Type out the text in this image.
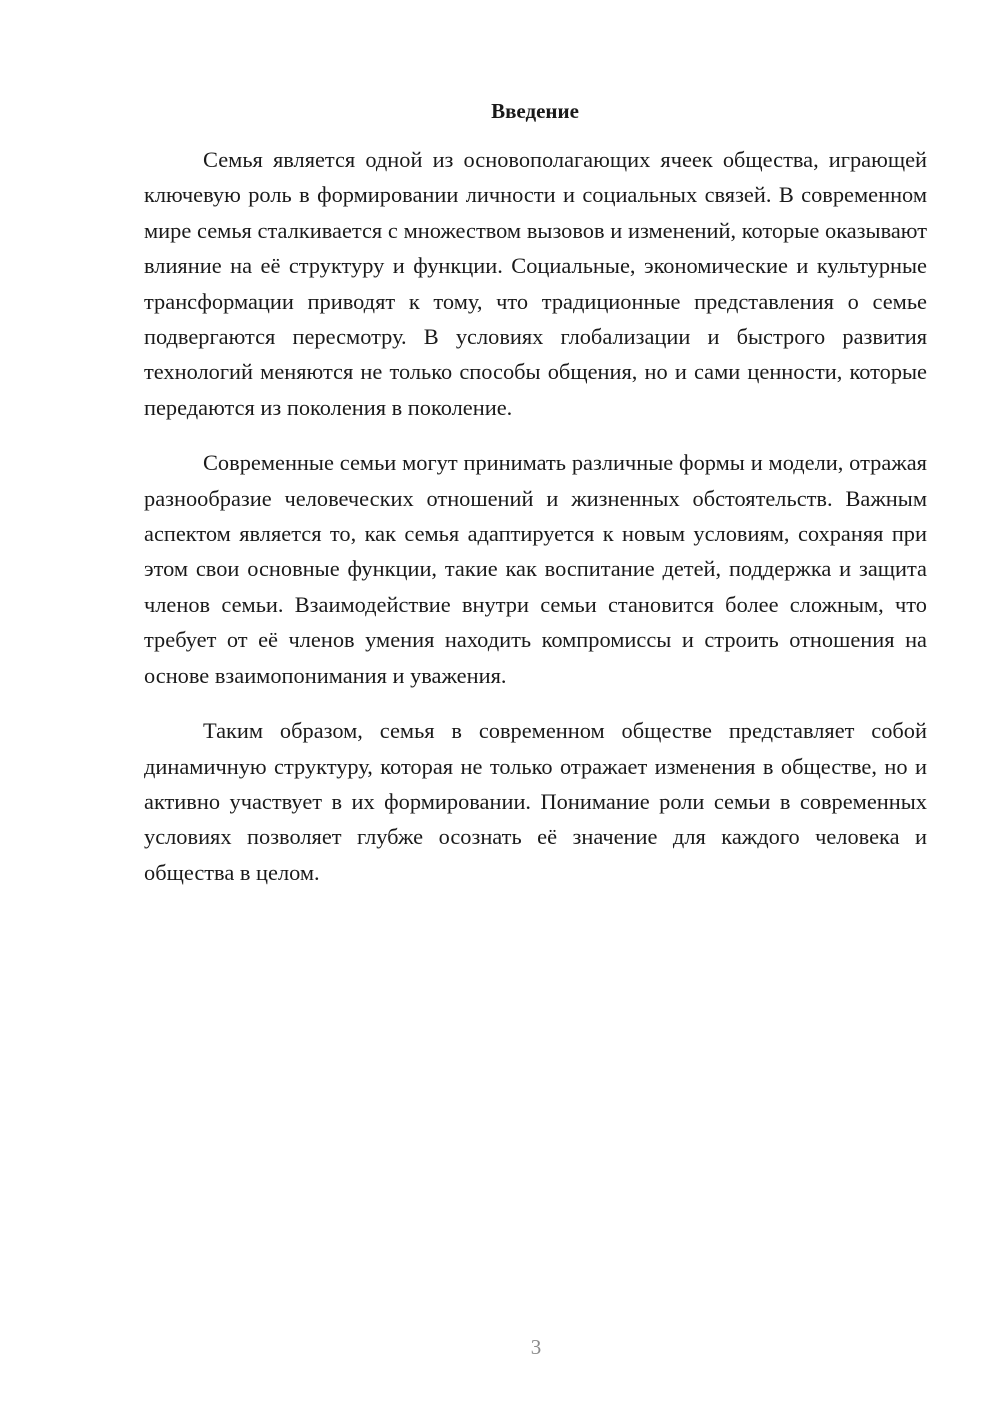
Введение

Семья является одной из основополагающих ячеек общества, играющей ключевую роль в формировании личности и социальных связей. В современном мире семья сталкивается с множеством вызовов и изменений, которые оказывают влияние на её структуру и функции. Социальные, экономические и культурные трансформации приводят к тому, что традиционные представления о семье подвергаются пересмотру. В условиях глобализации и быстрого развития технологий меняются не только способы общения, но и сами ценности, которые передаются из поколения в поколение.

Современные семьи могут принимать различные формы и модели, отражая разнообразие человеческих отношений и жизненных обстоятельств. Важным аспектом является то, как семья адаптируется к новым условиям, сохраняя при этом свои основные функции, такие как воспитание детей, поддержка и защита членов семьи. Взаимодействие внутри семьи становится более сложным, что требует от её членов умения находить компромиссы и строить отношения на основе взаимопонимания и уважения.

Таким образом, семья в современном обществе представляет собой динамичную структуру, которая не только отражает изменения в обществе, но и активно участвует в их формировании. Понимание роли семьи в современных условиях позволяет глубже осознать её значение для каждого человека и общества в целом.

3
